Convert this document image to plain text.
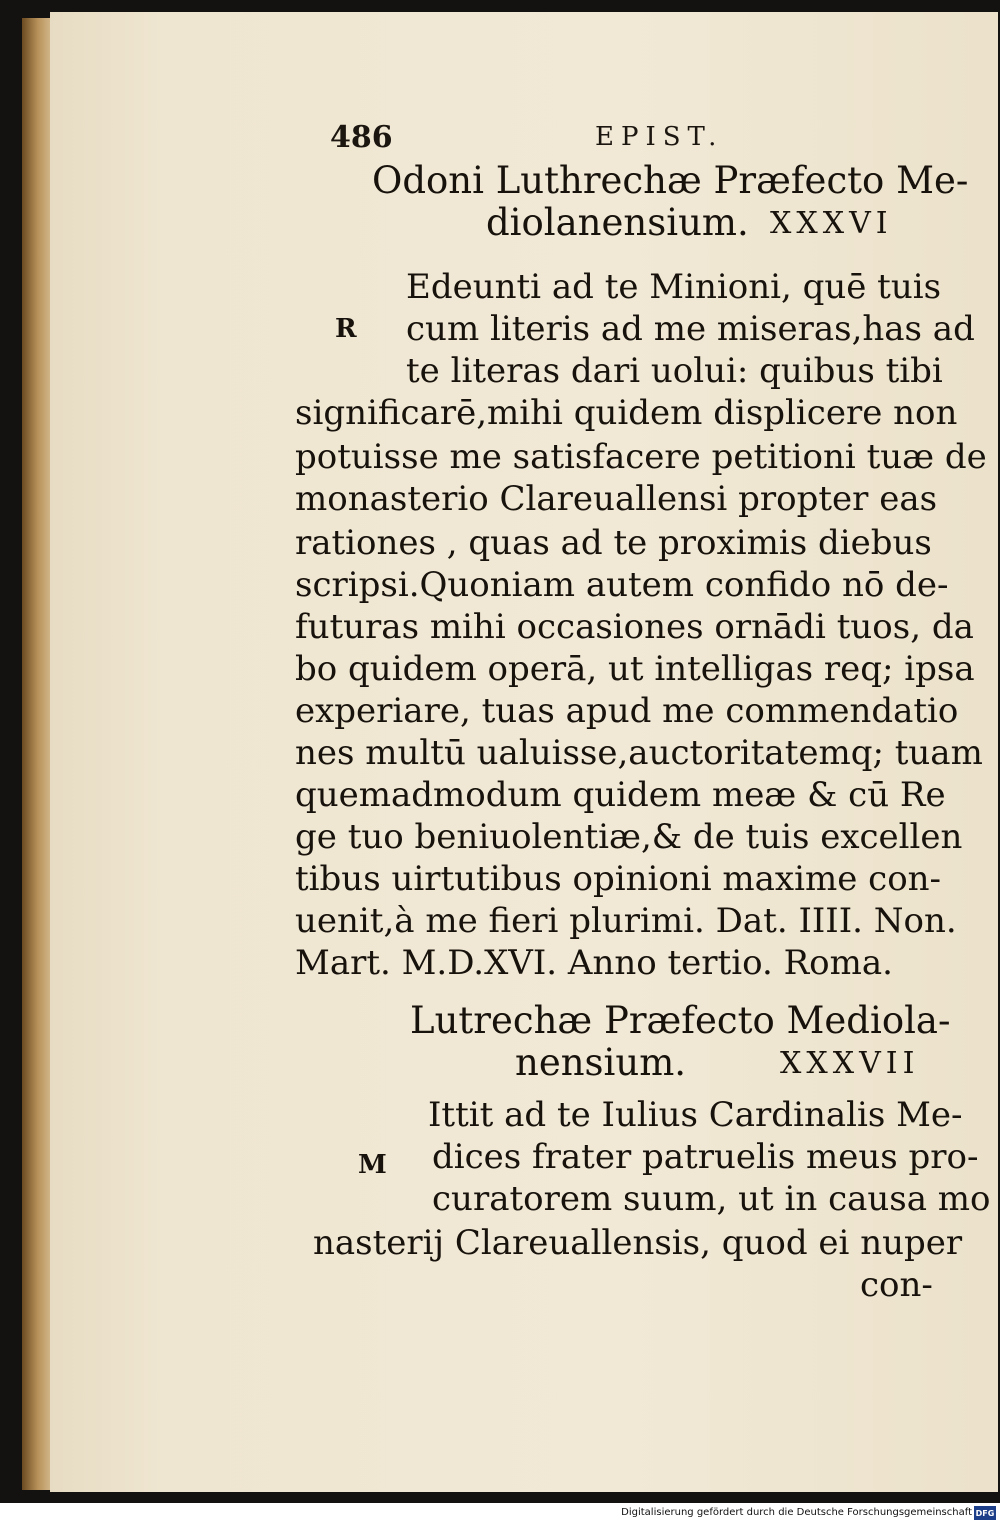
486	EPIST.
Odoni Luthrechæ Præfecto Me-
diolanensium. XXXVI
R
Edeunti ad te Minioni, quē tuis
cum literis ad me miseras,has ad
te literas dari uolui: quibus tibi
significarē,mihi quidem displicere non
potuisse me satisfacere petitioni tuæ de
monasterio Clareuallensi propter eas
rationes , quas ad te proximis diebus
scripsi.Quoniam autem confido nō de-
futuras mihi occasiones ornādi tuos, da
bo quidem operā, ut intelligas req; ipsa
experiare, tuas apud me commendatio
nes multū ualuisse,auctoritatemq; tuam
quemadmodum quidem meæ & cū Re
ge tuo beniuolentiæ,& de tuis excellen
tibus uirtutibus opinioni maxime con-
uenit,à me fieri plurimi. Dat. IIII. Non.
Mart. M.D.XVI. Anno tertio. Roma.
Lutrechæ Præfecto Mediola-
nensium.	XXXVII
M
Ittit ad te Iulius Cardinalis Me-
dices frater patruelis meus pro-
curatorem suum, ut in causa mo
nasterij Clareuallensis, quod ei nuper
con-
Digitalisierung gefördert durch die Deutsche Forschungsgemeinschaft DFG
